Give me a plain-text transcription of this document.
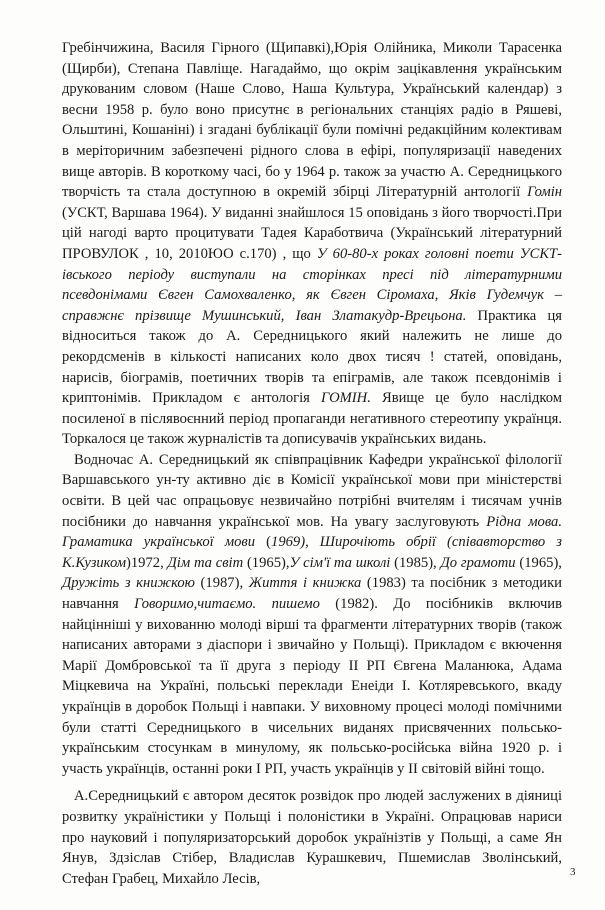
Гребінчижина, Василя Гірного (Щипавкі),Юрія Олійника, Миколи Тарасенка (Щирби), Степана Павліще. Нагадаймо, що окрім зацікавлення українським друкованим словом (Наше Слово, Наша Культура, Український календар) з весни 1958 р. було воно присутнє в регіональних станціях радіо в Ряшеві, Ольштині, Кошаніні) і згадані бублікації були помічні редакційним колективам в меріторичним забезпечені рідного слова в ефірі, популяризації наведених вище авторів. В короткому часі, бо у 1964 р. також за участю А. Середницького творчість та стала доступною в окремій збірці Літературній антології Гомін (УСКТ, Варшава 1964). У виданні знайшлося 15 оповідань з його творчості.При цій нагоді варто процитувати Тадея Каработвича (Український літературний ПРОВУЛОК , 10, 2010ЮО с.170) , що У 60-80-х роках головні поети УСКТ-івського періоду виступали на сторінках пресі під літературними псевдонімами Євген Самохваленко, як Євген Сіромаха, Яків Гудемчук –справжнє прізвище Мушинський, Іван Златакудр-Врецьона. Практика ця відноситься також до А. Середницького який належить не лише до рекордсменів в кількості написаних коло двох тисяч ! статей, оповідань, нарисів, біограмів, поетичних творів та епіграмів, але також псевдонімів і криптонімів. Прикладом є антологія ГОМІН. Явище це було наслідком посиленої в післявоєнний період пропаганди негативного стереотипу українця. Торкалося це також журналістів та дописувачів українських видань.

Водночас А. Середницький як співпрацівник Кафедри української філології Варшавського ун-ту активно діє в Комісії української мови при міністерстві освіти. В цей час опрацьовує незвичайно потрібні вчителям і тисячам учнів посібники до навчання української мов. На увагу заслуговують Рідна мова. Граматика української мови (1969), Широчіють обрії (співавторство з К.Кузиком)1972, Дім та світ (1965),У сім'ї та школі (1985), До грамоти (1965), Дружіть з книжкою (1987), Життя і книжка (1983) та посібник з методики навчання Говоримо,читаємо. пишемо (1982). До посібників включив найцінніші у вихованню молоді вірші та фрагменти літературних творів (також написаних авторами з діаспори і звичайно у Польщі). Прикладом є вкючення Марії Домбровської та її друга з періоду ІІ РП Євгена Маланюка, Адама Міцкевича на Україні, польські переклади Енеіди І. Котляревського, вкаду українців в доробок Польщі і навпаки. У виховному процесі молоді помічними були статті Середницького в чисельних виданях присвяченних польсько-українським стосункам в минулому, як польсько-російська війна 1920 р. і участь українців, останні роки І РП, участь українців у ІІ світовій війні тощо.

А.Середницький є автором десяток розвідок про людей заслужених в діяниці розвитку україністики у Польщі і полоністики в Україні. Опрацював нариси про науковий і популяризаторський доробок українізтів у Польщі, а саме Ян Янув, Здзіслав Стібер, Владислав Курашкевич, Пшемислав Зволінський, Стефан Грабец, Михайло Лесів,	3
